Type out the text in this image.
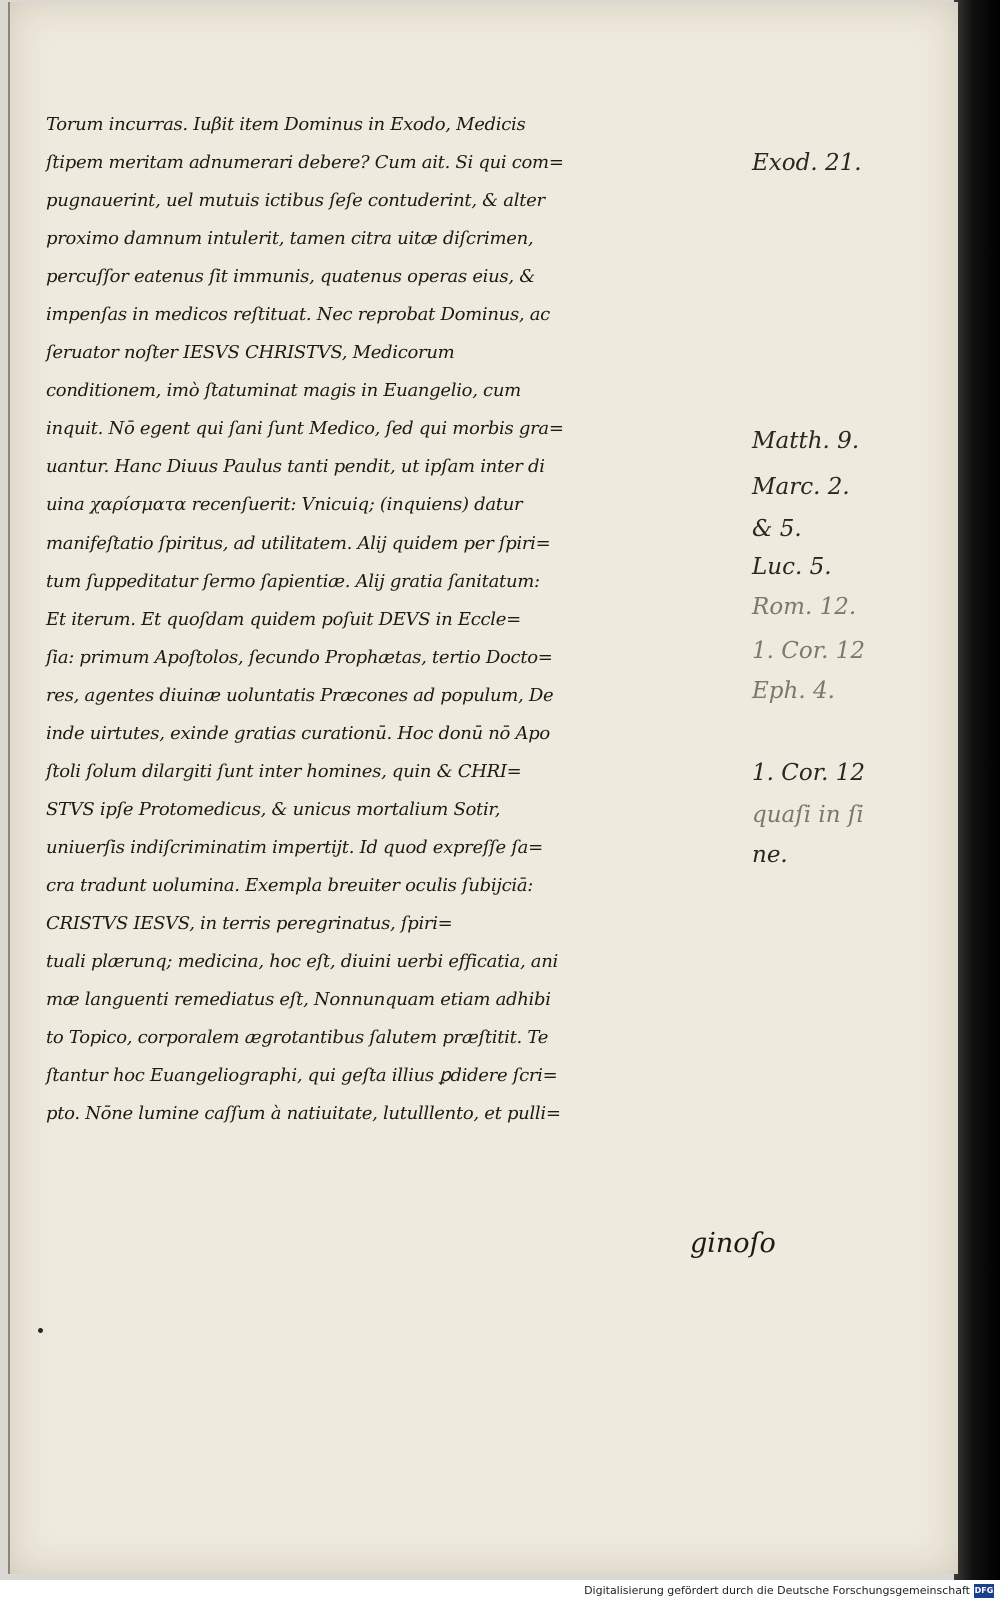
Torum incurras. Iuβit item Dominus in Exodo, Medicis
ſtipem meritam adnumerari debere? Cum ait. Si qui com=
pugnauerint, uel mutuis ictibus ſeſe contuderint, & alter
proximo damnum intulerit, tamen citra uitæ diſcrimen,
percuſſor eatenus ſit immunis, quatenus operas eius, &
impenſas in medicos reſtituat. Nec reprobat Dominus, ac
ſeruator noſter IESVS CHRISTVS, Medicorum
conditionem, imò ſtatuminat magis in Euangelio, cum
inquit. Nō egent qui ſani ſunt Medico, ſed qui morbis gra=
uantur. Hanc Diuus Paulus tanti pendit, ut ipſam inter di
uina χαρίσματα recenſuerit: Vnicuiq; (inquiens) datur
manifeſtatio ſpiritus, ad utilitatem. Alij quidem per ſpiri=
tum ſuppeditatur ſermo ſapientiæ. Alij gratia ſanitatum:
Et iterum. Et quoſdam quidem poſuit DEVS in Eccle=
ſia: primum Apoſtolos, ſecundo Prophætas, tertio Docto=
res, agentes diuinæ uoluntatis Præcones ad populum, De
inde uirtutes, exinde gratias curationū. Hoc donū nō Apo
ſtoli ſolum dilargiti ſunt inter homines, quin & CHRI=
STVS ipſe Protomedicus, & unicus mortalium Sotir,
uniuerſis indiſcriminatim impertijt. Id quod expreſſe ſa=
cra tradunt uolumina. Exempla breuiter oculis ſubijciā:
CRISTVS IESVS, in terris peregrinatus, ſpiri=
tuali plærunq; medicina, hoc eſt, diuini uerbi efficatia, ani
mæ languenti remediatus eſt, Nonnunquam etiam adhibi
to Topico, corporalem ægrotantibus ſalutem præſtitit. Te
ſtantur hoc Euangeliographi, qui geſta illius ꝑdidere ſcri=
pto. Nōne lumine caſſum à natiuitate, lutulllento, et pulli=
ginoſo
Exod. 21.
Matth. 9.
Marc. 2.
& 5.
Luc. 5.
Rom. 12.
1. Cor. 12
Eph. 4.
1. Cor. 12
quaſi in ſi
ne.
Digitalisierung gefördert durch die Deutsche Forschungsgemeinschaft DFG
